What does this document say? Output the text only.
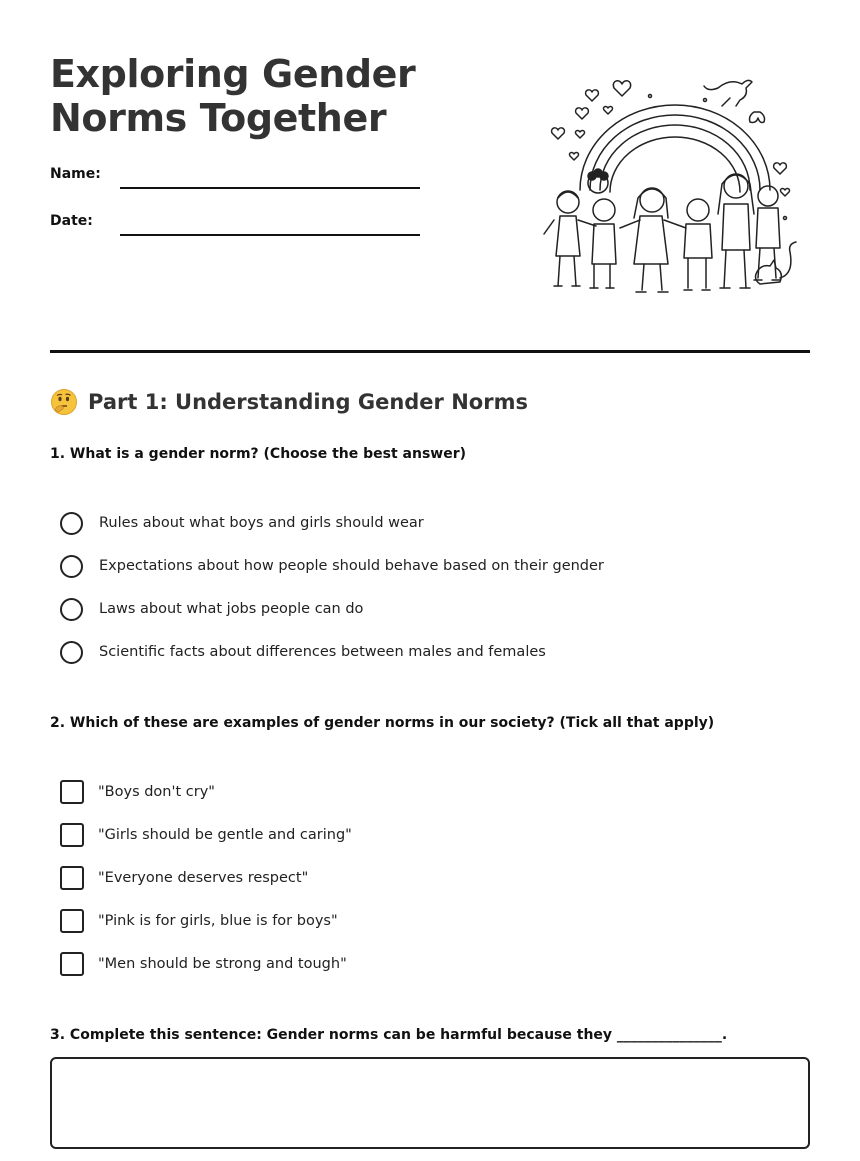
Exploring Gender
Norms Together
Name:
Date:
Part 1: Understanding Gender Norms
1. What is a gender norm? (Choose the best answer)
Rules about what boys and girls should wear
Expectations about how people should behave based on their gender
Laws about what jobs people can do
Scientific facts about differences between males and females
2. Which of these are examples of gender norms in our society? (Tick all that apply)
"Boys don't cry"
"Girls should be gentle and caring"
"Everyone deserves respect"
"Pink is for girls, blue is for boys"
"Men should be strong and tough"
3. Complete this sentence: Gender norms can be harmful because they _______________.
